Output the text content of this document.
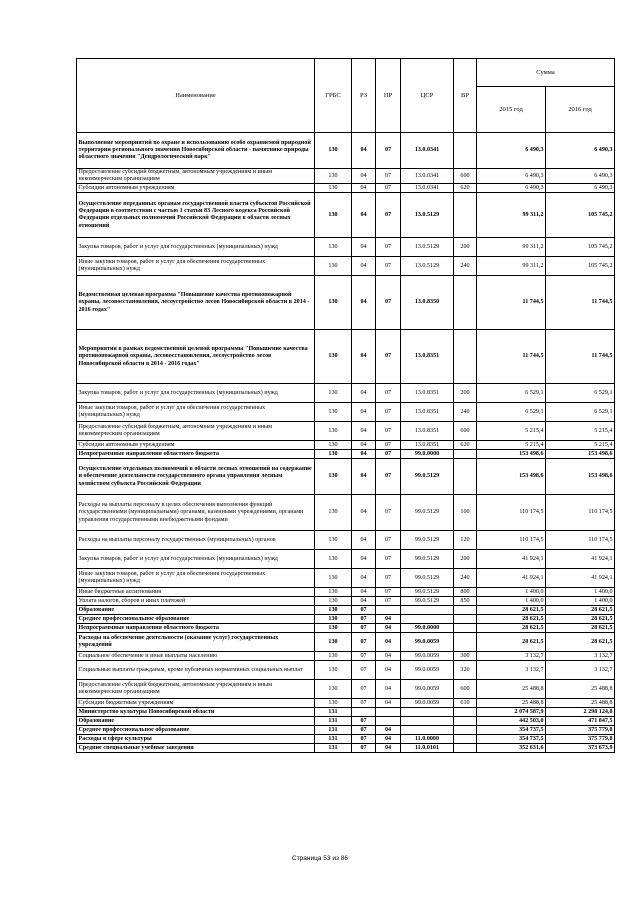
Наименование	ГРБС	РЗ	ПР	ЦСР	ВР	Сумма	
						2015 год	2016 год
Выполнение мероприятий по охране и использованию особо охраняемой природной территории регионального значения Новосибирской области - памятнике природы областного значения "Дендрологический парк"	130	04	07	13.0.0341		6 490,3	6 490,3
Предоставление субсидий бюджетным, автономным учреждениям и иным некоммерческим организациям	130	04	07	13.0.0341	600	6 490,3	6 490,3
Субсидии автономным учреждениям	130	04	07	13.0.0341	620	6 490,3	6 490,3
Осуществление переданных органам государственной власти субъектов Российской Федерации в соответствии с частью 1 статьи 83 Лесного кодекса Российской Федерации отдельных полномочий Российской Федерации в области лесных отношений	130	04	07	13.0.5129		99 311,2	105 745,2
Закупка товаров, работ и услуг для государственных (муниципальных) нужд	130	04	07	13.0.5129	200	99 311,2	105 745,2
Иные закупки товаров, работ и услуг для обеспечения государственных (муниципальных) нужд	130	04	07	13.0.5129	240	99 311,2	105 745,2
Ведомственная целевая программа "Повышение качества противопожарной охраны, лесовосстановления, лесоустройство лесов Новосибирской области в 2014 - 2016 годах"	130	04	07	13.0.8350		11 744,5	11 744,5
Мероприятия в рамках ведомственной целевой программы "Повышение качества противопожарной охраны, лесовосстановления, лесоустройство лесов Новосибирской области в 2014 - 2016 годах"	130	04	07	13.0.8351		11 744,5	11 744,5
Закупка товаров, работ и услуг для государственных (муниципальных) нужд	130	04	07	13.0.8351	200	6 529,1	6 529,1
Иные закупки товаров, работ и услуг для обеспечения государственных (муниципальных) нужд	130	04	07	13.0.8351	240	6 529,1	6 529,1
Предоставление субсидий бюджетным, автономным учреждениям и иным некоммерческим организациям	130	04	07	13.0.8351	600	5 215,4	5 215,4
Субсидии автономным учреждениям	130	04	07	13.0.8351	620	5 215,4	5 215,4
Непрограммные направления областного бюджета	130	04	07	99.0.0000		153 498,6	153 498,6
Осуществление отдельных полномочий в области лесных отношений на содержание и обеспечение деятельности государственного органа управления лесным хозяйством субъекта Российской Федерации	130	04	07	99.0.5129		153 498,6	153 498,6
Расходы на выплаты персоналу в целях обеспечения выполнения функций государственными (муниципальными) органами, казенными учреждениями, органами управления государственными внебюджетными фондами	130	04	07	99.0.5129	100	110 174,5	110 174,5
Расходы на выплаты персоналу государственных (муниципальных) органов	130	04	07	99.0.5129	120	110 174,5	110 174,5
Закупка товаров, работ и услуг для государственных (муниципальных) нужд	130	04	07	99.0.5129	200	41 924,1	41 924,1
Иные закупки товаров, работ и услуг для обеспечения государственных (муниципальных) нужд	130	04	07	99.0.5129	240	41 924,1	41 924,1
Иные бюджетные ассигнования	130	04	07	99.0.5129	800	1 400,0	1 400,0
Уплата налогов, сборов и иных платежей	130	04	07	99.0.5129	850	1 400,0	1 400,0
Образование	130	07				28 621,5	28 621,5
Среднее профессиональное образование	130	07	04			28 621,5	28 621,5
Непрограммные направления областного бюджета	130	07	04	99.0.0000		28 621,5	28 621,5
Расходы на обеспечение деятельности (оказание услуг) государственных учреждений	130	07	04	99.0.0059		28 621,5	28 621,5
Социальное обеспечение и иные выплаты населению	130	07	04	99.0.0059	300	3 132,7	3 132,7
Социальные выплаты гражданам, кроме публичных нормативных социальных выплат	130	07	04	99.0.0059	320	3 132,7	3 132,7
Предоставление субсидий бюджетным, автономным учреждениям и иным некоммерческим организациям	130	07	04	99.0.0059	600	25 488,8	25 488,8
Субсидии бюджетным учреждениям	130	07	04	99.0.0059	610	25 488,8	25 488,8
Министерство культуры Новосибирской области	131					2 074 587,9	2 298 124,8
Образование	131	07				442 503,0	471 847,5
Среднее профессиональное образование	131	07	04			354 737,5	375 779,8
Расходы в сфере культуры	131	07	04	11.0.0000		354 737,5	375 779,8
Средние специальные учебные заведения	131	07	04	11.0.0101		352 631,6	373 673,9
Страница 53 из 86
